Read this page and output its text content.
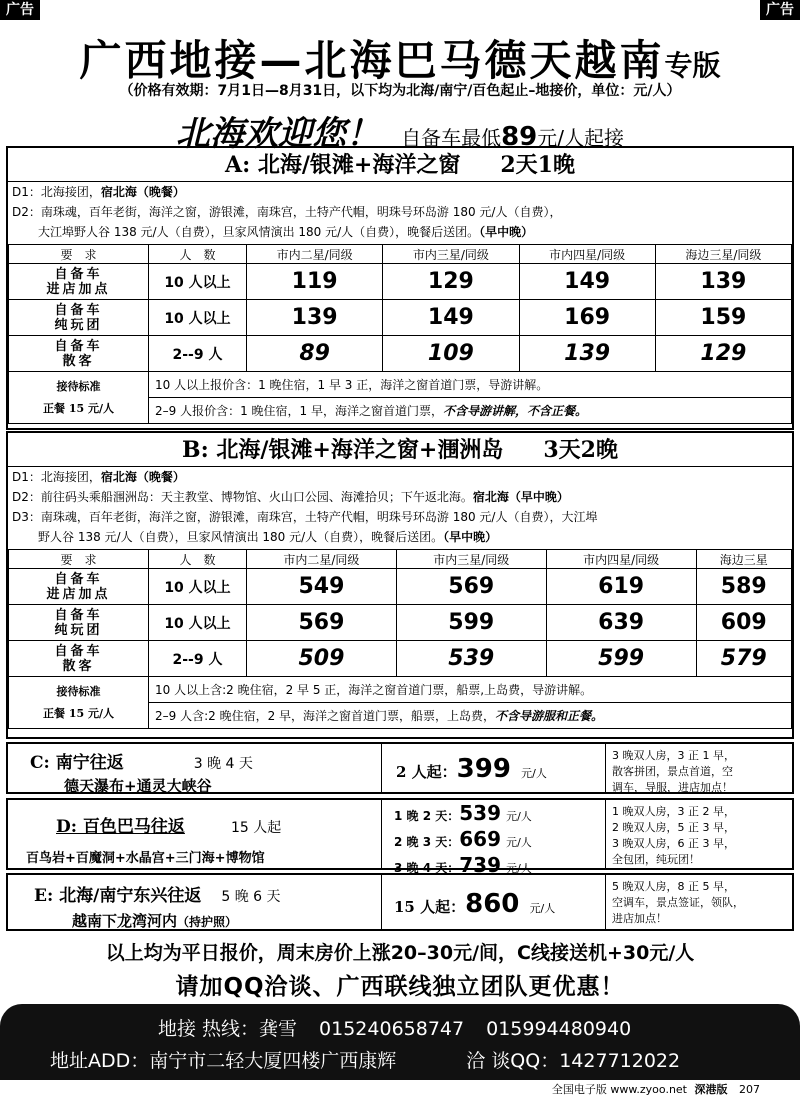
广告	广告
广西地接—北海巴马德天越南专版
（价格有效期：7月1日—8月31日，以下均为北海/南宁/百色起止–地接价，单位：元/人）
北海欢迎您！ 自备车最低89元/人起接
A: 北海/银滩+海洋之窗 2天1晚
D1：北海接团，宿北海（晚餐）
D2：南珠魂，百年老街，海洋之窗，游银滩，南珠宫，土特产代帽，明珠号环岛游 180 元/人（自费），
大江埠野人谷 138 元/人（自费），旦家风情演出 180 元/人（自费），晚餐后送团。（早中晚）
要　求	人　数	市内二星/同级	市内三星/同级	市内四星/同级	海边三星/同级

自备车
进店加点	10 人以上	119	129	149	139

自备车
纯玩团	10 人以上	139	149	169	159

自备车
散客	2--9 人	89	109	139	129

接待标准
正餐 15 元/人	10 人以上报价含：1 晚住宿，1 早 3 正，海洋之窗首道门票，导游讲解。				
	2–9 人报价含：1 晚住宿，1 早，海洋之窗首道门票，不含导游讲解，不含正餐。				
B: 北海/银滩+海洋之窗+涠洲岛 3天2晚
D1：北海接团，宿北海（晚餐）
D2：前往码头乘船涠洲岛：天主教堂、博物馆、火山口公园、海滩拾贝；下午返北海。宿北海（早中晚）
D3：南珠魂，百年老街，海洋之窗，游银滩，南珠宫，土特产代帽，明珠号环岛游 180 元/人（自费），大江埠
野人谷 138 元/人（自费），旦家风情演出 180 元/人（自费），晚餐后送团。（早中晚）
要　求	人　数	市内二星/同级	市内三星/同级	市内四星/同级	海边三星

自备车
进店加点	10 人以上	549	569	619	589

自备车
纯玩团	10 人以上	569	599	639	609

自备车
散客	2--9 人	509	539	599	579

接待标准
正餐 15 元/人	10 人以上含:2 晚住宿，2 早 5 正，海洋之窗首道门票，船票,上岛费，导游讲解。				
	2–9 人含:2 晚住宿，2 早，海洋之窗首道门票，船票，上岛费，不含导游服和正餐。				
C: 南宁往返	3 晚 4 天
德天瀑布+通灵大峡谷
2 人起：399 元/人
3 晚双人房，3 正 1 早，
散客拼团，景点首道，空
调车，导服，进店加点！
D: 百色巴马往返	15 人起
百鸟岩+百魔洞+水晶宫+三门海+博物馆
1 晚 2 天：539 元/人
2 晚 3 天：669 元/人
3 晚 4 天：739 元/人
1 晚双人房，3 正 2 早，
2 晚双人房，5 正 3 早，
3 晚双人房，6 正 3 早，
全包团，纯玩团！
E: 北海/南宁东兴往返 5 晚 6 天
越南下龙湾河内（持护照）
15 人起：860 元/人
5 晚双人房，8 正 5 早，
空调车，景点签证，领队，
进店加点！
以上均为平日报价，周末房价上涨20–30元/间，C线接送机+30元/人
请加QQ洽谈、广西联线独立团队更优惠！
地接 热线：龚雪 015240658747 015994480940
地址ADD：南宁市二轻大厦四楼广西康辉	洽 谈QQ：1427712022
全国电子版 www.zyoo.net 深港版 207
